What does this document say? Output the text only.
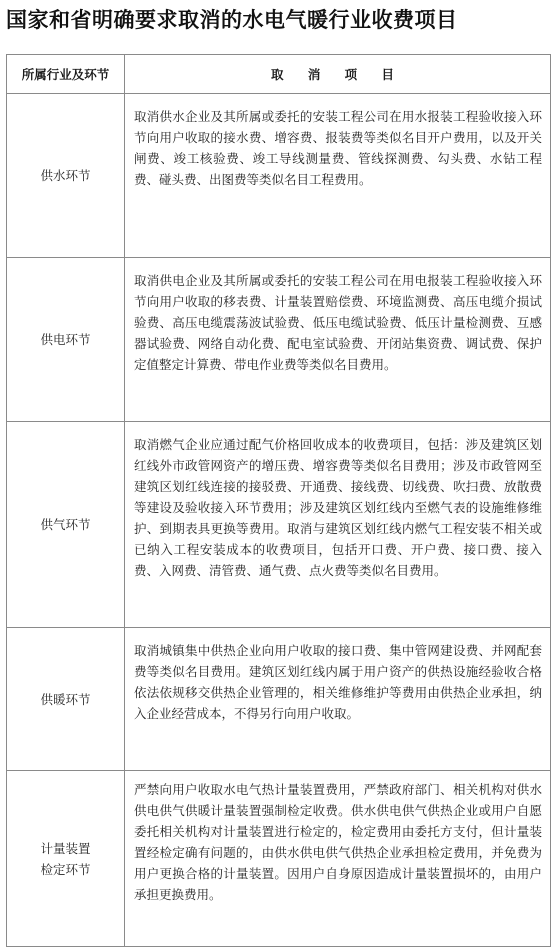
国家和省明确要求取消的水电气暖行业收费项目
所属行业及环节	取 消 项 目

供水环节	取消供水企业及其所属或委托的安装工程公司在用水报装工程验收接入环节向用户收取的接水费、增容费、报装费等类似名目开户费用，以及开关闸费、竣工核验费、竣工导线测量费、管线探测费、勾头费、水钻工程费、碰头费、出图费等类似名目工程费用。

供电环节	取消供电企业及其所属或委托的安装工程公司在用电报装工程验收接入环节向用户收取的移表费、计量装置赔偿费、环境监测费、高压电缆介损试验费、高压电缆震荡波试验费、低压电缆试验费、低压计量检测费、互感器试验费、网络自动化费、配电室试验费、开闭站集资费、调试费、保护定值整定计算费、带电作业费等类似名目费用。

供气环节	取消燃气企业应通过配气价格回收成本的收费项目，包括：涉及建筑区划红线外市政管网资产的增压费、增容费等类似名目费用；涉及市政管网至建筑区划红线连接的接驳费、开通费、接线费、切线费、吹扫费、放散费等建设及验收接入环节费用；涉及建筑区划红线内至燃气表的设施维修维护、到期表具更换等费用。取消与建筑区划红线内燃气工程安装不相关或已纳入工程安装成本的收费项目，包括开口费、开户费、接口费、接入费、入网费、清管费、通气费、点火费等类似名目费用。

供暖环节	取消城镇集中供热企业向用户收取的接口费、集中管网建设费、并网配套费等类似名目费用。建筑区划红线内属于用户资产的供热设施经验收合格依法依规移交供热企业管理的，相关维修维护等费用由供热企业承担，纳入企业经营成本，不得另行向用户收取。

计量装置
检定环节	严禁向用户收取水电气热计量装置费用，严禁政府部门、相关机构对供水供电供气供暖计量装置强制检定收费。供水供电供气供热企业或用户自愿委托相关机构对计量装置进行检定的，检定费用由委托方支付，但计量装置经检定确有问题的，由供水供电供气供热企业承担检定费用，并免费为用户更换合格的计量装置。因用户自身原因造成计量装置损坏的，由用户承担更换费用。
